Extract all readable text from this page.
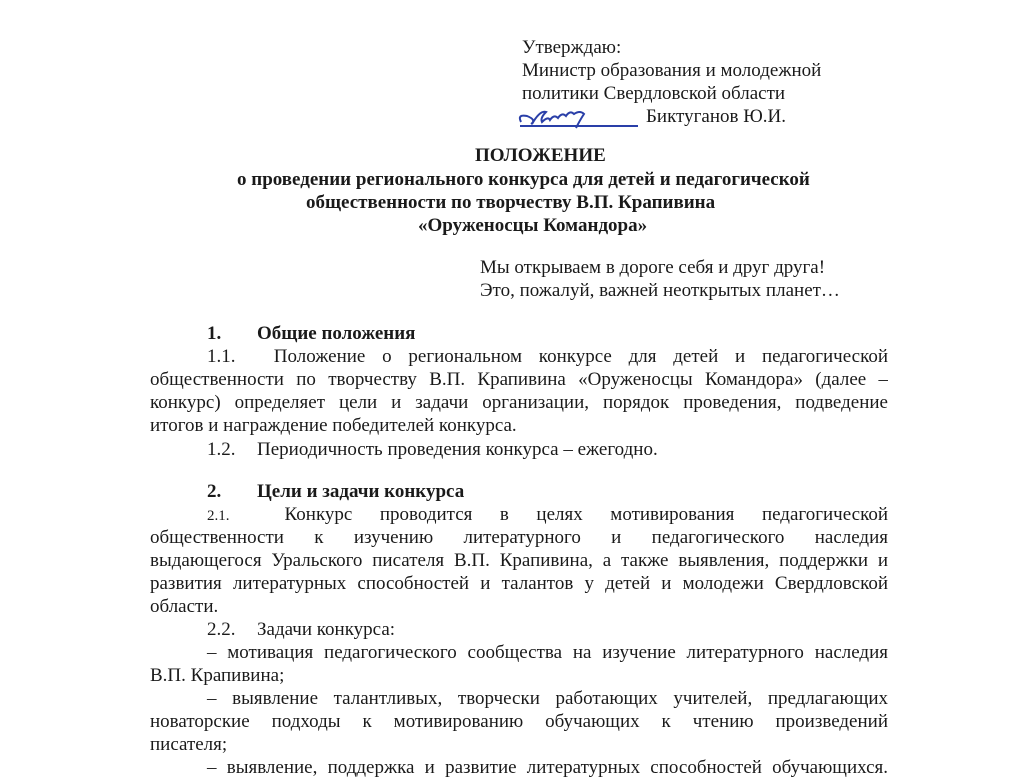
Утверждаю:
Министр образования и молодежной
политики Свердловской области
Биктуганов Ю.И.
ПОЛОЖЕНИЕ
о проведении регионального конкурса для детей и педагогической
общественности по творчеству В.П. Крапивина
«Оруженосцы Командора»
Мы открываем в дороге себя и друг друга!
Это, пожалуй, важней неоткрытых планет…
1. Общие положения
1.1. Положение о региональном конкурсе для детей и педагогической
общественности по творчеству В.П. Крапивина «Оруженосцы Командора» (далее –
конкурс) определяет цели и задачи организации, порядок проведения, подведение
итогов и награждение победителей конкурса.
1.2. Периодичность проведения конкурса – ежегодно.
2. Цели и задачи конкурса
2.1.	Конкурс проводится в целях мотивирования педагогической
общественности к изучению литературного и педагогического наследия
выдающегося Уральского писателя В.П. Крапивина, а также выявления, поддержки и
развития литературных способностей и талантов у детей и молодежи Свердловской
области.
2.2. Задачи конкурса:
– мотивация педагогического сообщества на изучение литературного наследия
В.П. Крапивина;
– выявление талантливых, творчески работающих учителей, предлагающих
новаторские подходы к мотивированию обучающих к чтению произведений
писателя;
– выявление, поддержка и развитие литературных способностей обучающихся.
